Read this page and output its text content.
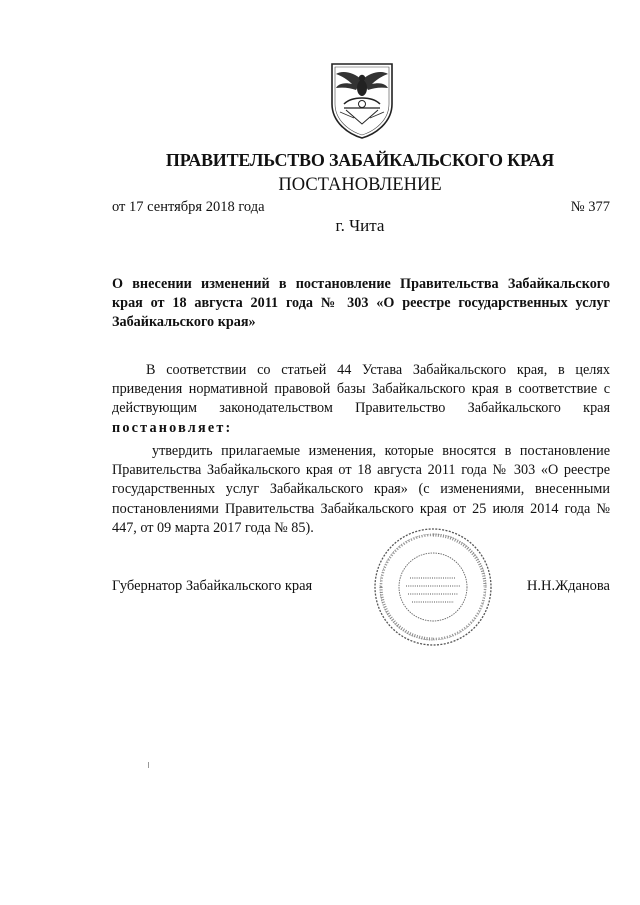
ПРАВИТЕЛЬСТВО ЗАБАЙКАЛЬСКОГО КРАЯ
ПОСТАНОВЛЕНИЕ
от 17 сентября 2018 года	№ 377
г. Чита
О внесении изменений в постановление Правительства Забайкальского края от 18 августа 2011 года № 303 «О реестре государственных услуг Забайкальского края»
В соответствии со статьей 44 Устава Забайкальского края, в целях приведения нормативной правовой базы Забайкальского края в соответствие с действующим законодательством Правительство Забайкальского края постановляет:
утвердить прилагаемые изменения, которые вносятся в постановление Правительства Забайкальского края от 18 августа 2011 года № 303 «О реестре государственных услуг Забайкальского края» (с изменениями, внесенными постановлениями Правительства Забайкальского края от 25 июля 2014 года № 447, от 09 марта 2017 года № 85).
Губернатор Забайкальского края	Н.Н.Жданова
